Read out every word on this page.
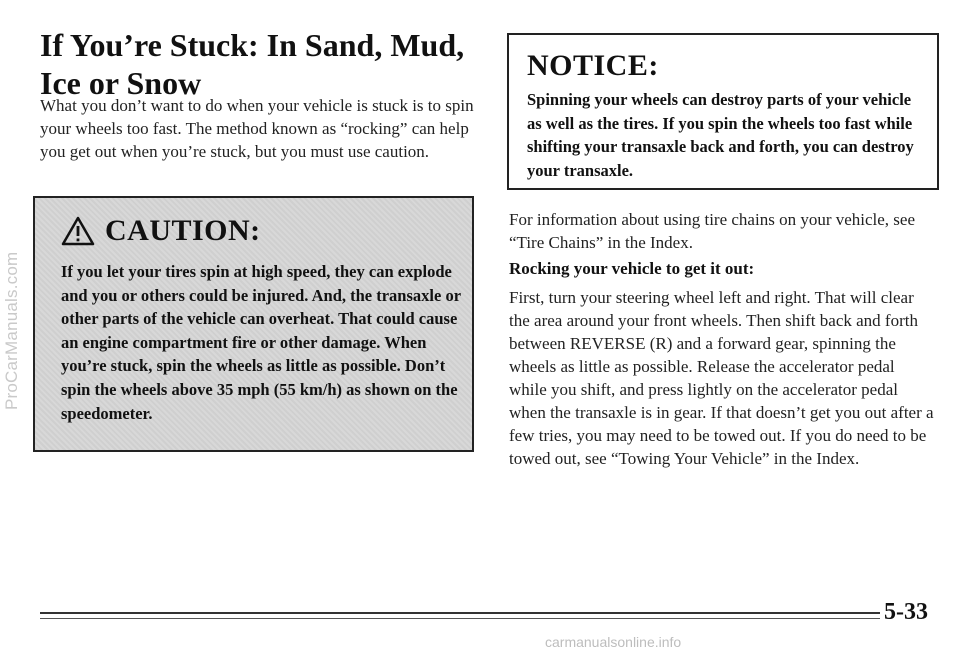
ProCarManuals.com
If You’re Stuck: In Sand, Mud, Ice or Snow

What you don’t want to do when your vehicle is stuck is to spin your wheels too fast. The method known as “rocking” can help you get out when you’re stuck, but you must use caution.

CAUTION:

If you let your tires spin at high speed, they can explode and you or others could be injured. And, the transaxle or other parts of the vehicle can overheat. That could cause an engine compartment fire or other damage. When you’re stuck, spin the wheels as little as possible. Don’t spin the wheels above 35 mph (55 km/h) as shown on the speedometer.

NOTICE:

Spinning your wheels can destroy parts of your vehicle as well as the tires. If you spin the wheels too fast while shifting your transaxle back and forth, you can destroy your transaxle.

For information about using tire chains on your vehicle, see “Tire Chains” in the Index.

Rocking your vehicle to get it out:

First, turn your steering wheel left and right. That will clear the area around your front wheels. Then shift back and forth between REVERSE (R) and a forward gear, spinning the wheels as little as possible. Release the accelerator pedal while you shift, and press lightly on the accelerator pedal when the transaxle is in gear. If that doesn’t get you out after a few tries, you may need to be towed out. If you do need to be towed out, see “Towing Your Vehicle” in the Index.

5-33
carmanualsonline.info
